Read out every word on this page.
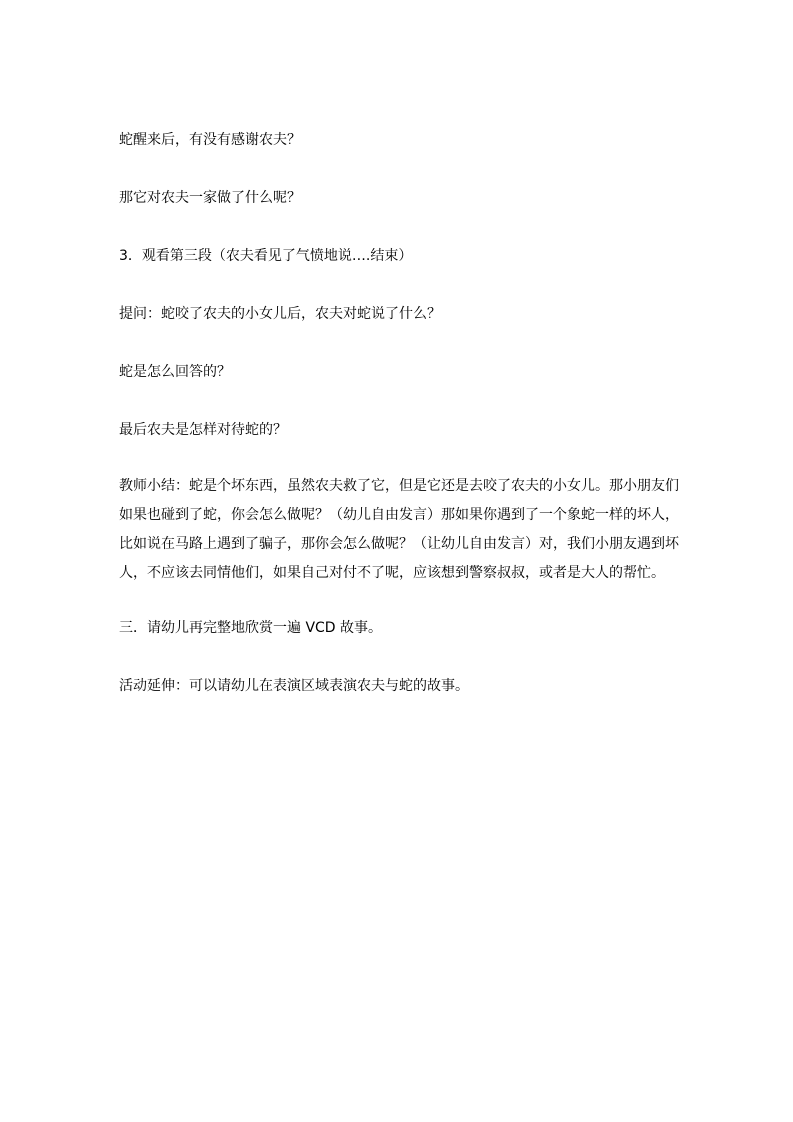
蛇醒来后，有没有感谢农夫？

那它对农夫一家做了什么呢？

3．观看第三段（农夫看见了气愤地说….结束）

提问：蛇咬了农夫的小女儿后，农夫对蛇说了什么？

蛇是怎么回答的？

最后农夫是怎样对待蛇的？

教师小结：蛇是个坏东西，虽然农夫救了它，但是它还是去咬了农夫的小女儿。那小朋友们
如果也碰到了蛇，你会怎么做呢？（幼儿自由发言）那如果你遇到了一个象蛇一样的坏人，
比如说在马路上遇到了骗子，那你会怎么做呢？（让幼儿自由发言）对，我们小朋友遇到坏
人，不应该去同情他们，如果自己对付不了呢，应该想到警察叔叔，或者是大人的帮忙。

三．请幼儿再完整地欣赏一遍 VCD 故事。

活动延伸：可以请幼儿在表演区域表演农夫与蛇的故事。
